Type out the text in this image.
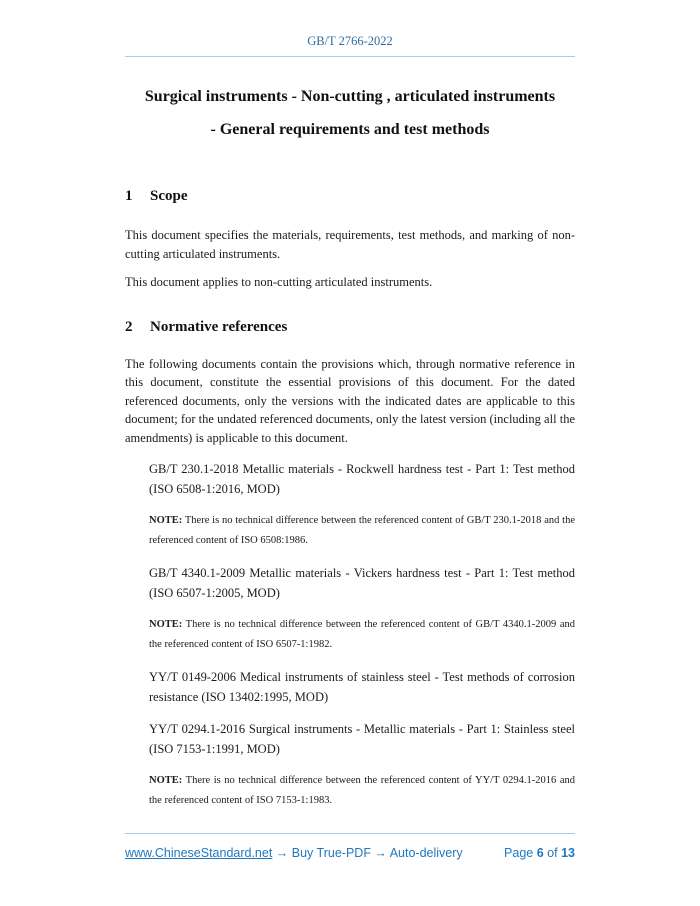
GB/T 2766-2022
Surgical instruments - Non-cutting , articulated instruments
- General requirements and test methods
1 Scope

This document specifies the materials, requirements, test methods, and marking of non-cutting articulated instruments.

This document applies to non-cutting articulated instruments.

2 Normative references

The following documents contain the provisions which, through normative reference in this document, constitute the essential provisions of this document. For the dated referenced documents, only the versions with the indicated dates are applicable to this document; for the undated referenced documents, only the latest version (including all the amendments) is applicable to this document.

GB/T 230.1-2018 Metallic materials - Rockwell hardness test - Part 1: Test method (ISO 6508-1:2016, MOD)

NOTE: There is no technical difference between the referenced content of GB/T 230.1-2018 and the referenced content of ISO 6508:1986.

GB/T 4340.1-2009 Metallic materials - Vickers hardness test - Part 1: Test method (ISO 6507-1:2005, MOD)

NOTE: There is no technical difference between the referenced content of GB/T 4340.1-2009 and the referenced content of ISO 6507-1:1982.

YY/T 0149-2006 Medical instruments of stainless steel - Test methods of corrosion resistance (ISO 13402:1995, MOD)

YY/T 0294.1-2016 Surgical instruments - Metallic materials - Part 1: Stainless steel (ISO 7153-1:1991, MOD)

NOTE: There is no technical difference between the referenced content of YY/T 0294.1-2016 and the referenced content of ISO 7153-1:1983.

www.ChineseStandard.net → Buy True-PDF → Auto-delivery	Page 6 of 13
